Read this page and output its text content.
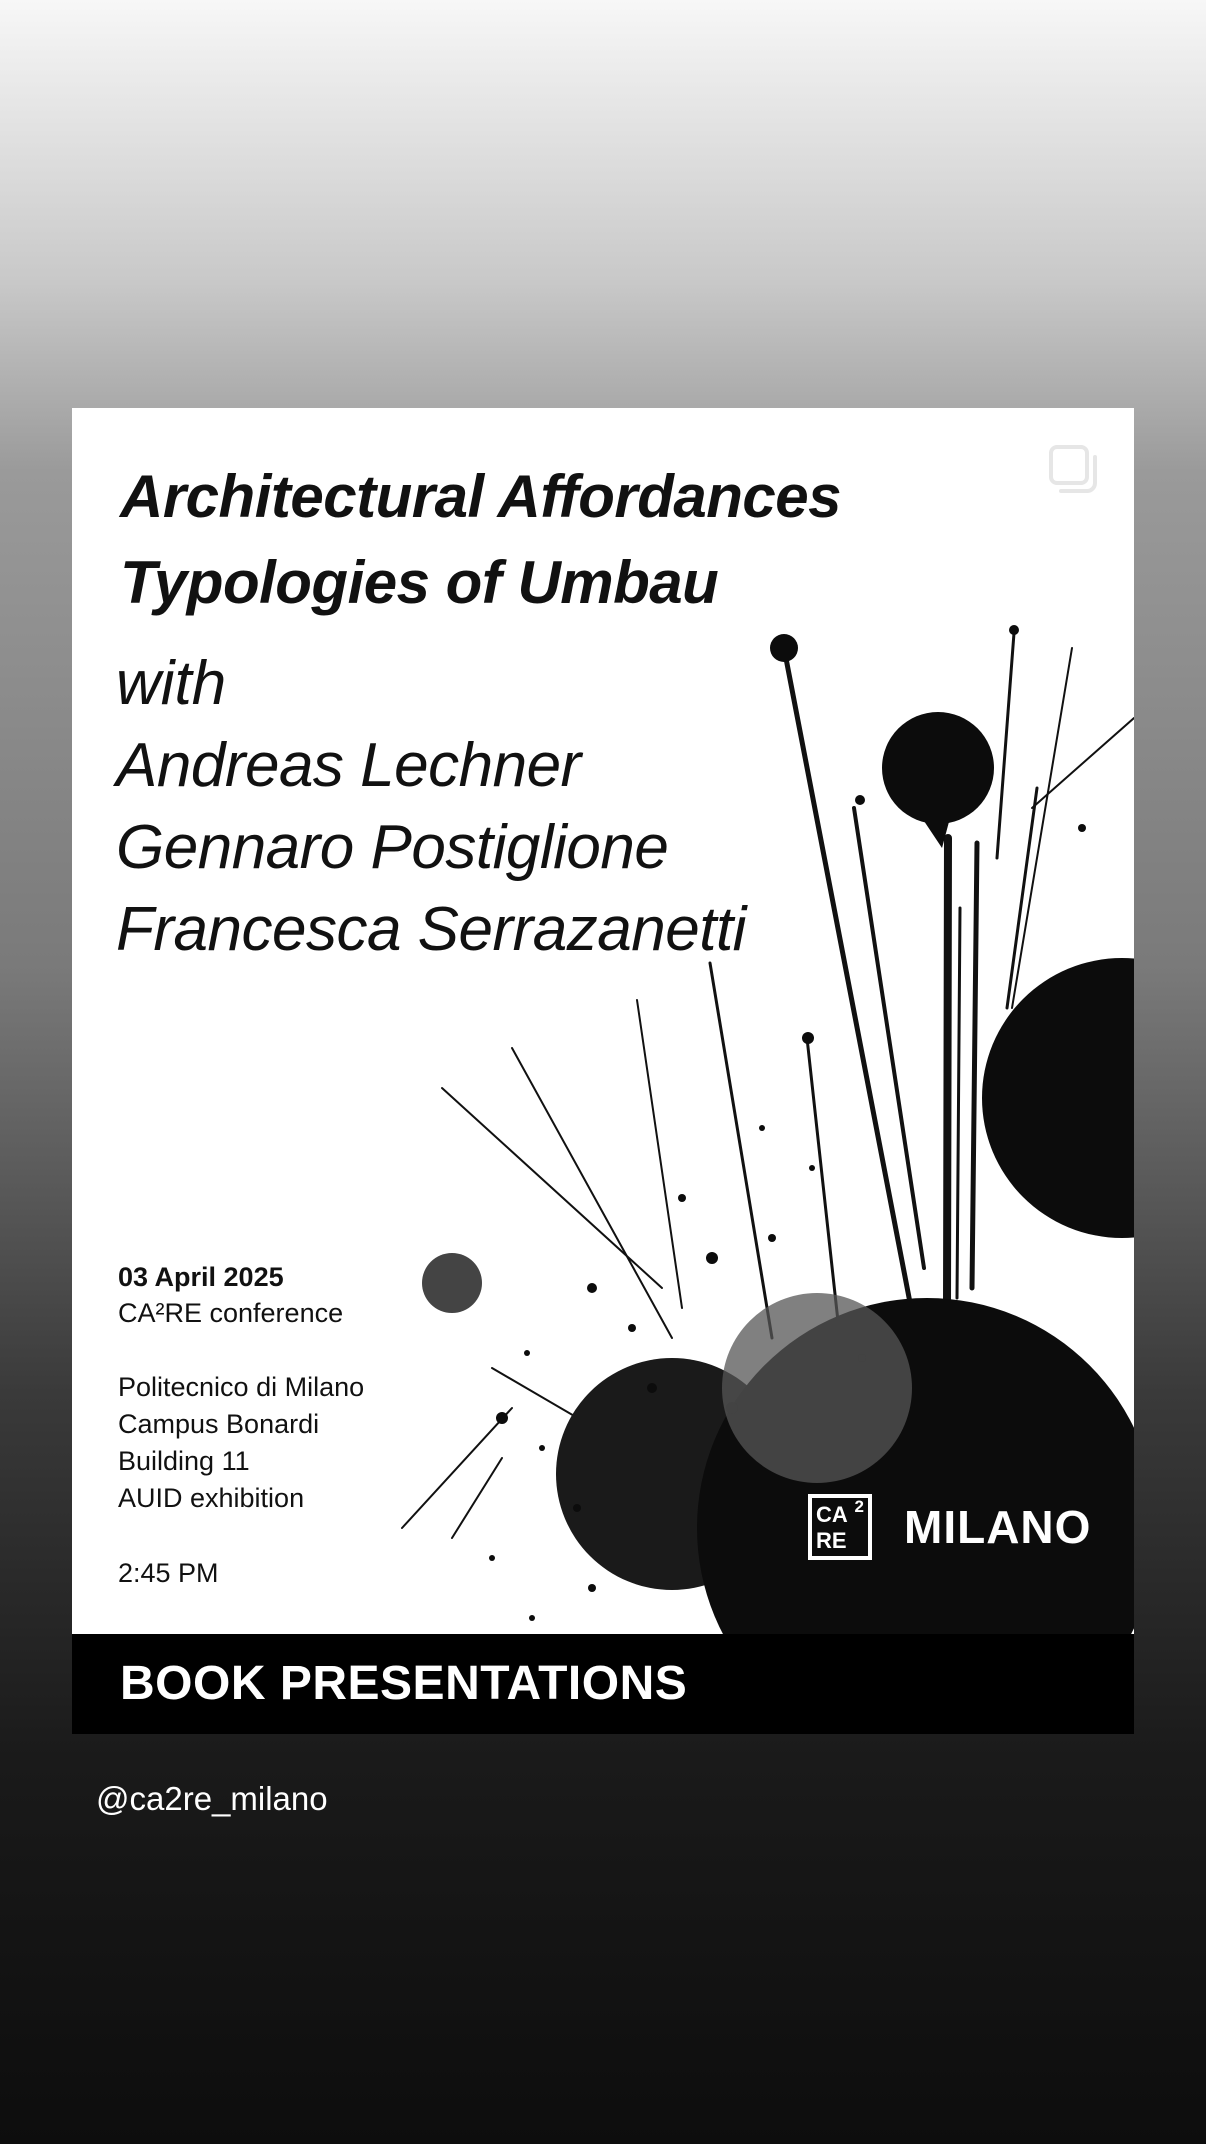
Architectural Affordances

Typologies of Umbau

with

Andreas Lechner

Gennaro Postiglione

Francesca Serrazanetti

03 April 2025

CA²RE conference

Politecnico di Milano

Campus Bonardi

Building 11

AUID exhibition

2:45 PM

CA 2
RE MILANO

BOOK PRESENTATIONS

@ca2re_milano
